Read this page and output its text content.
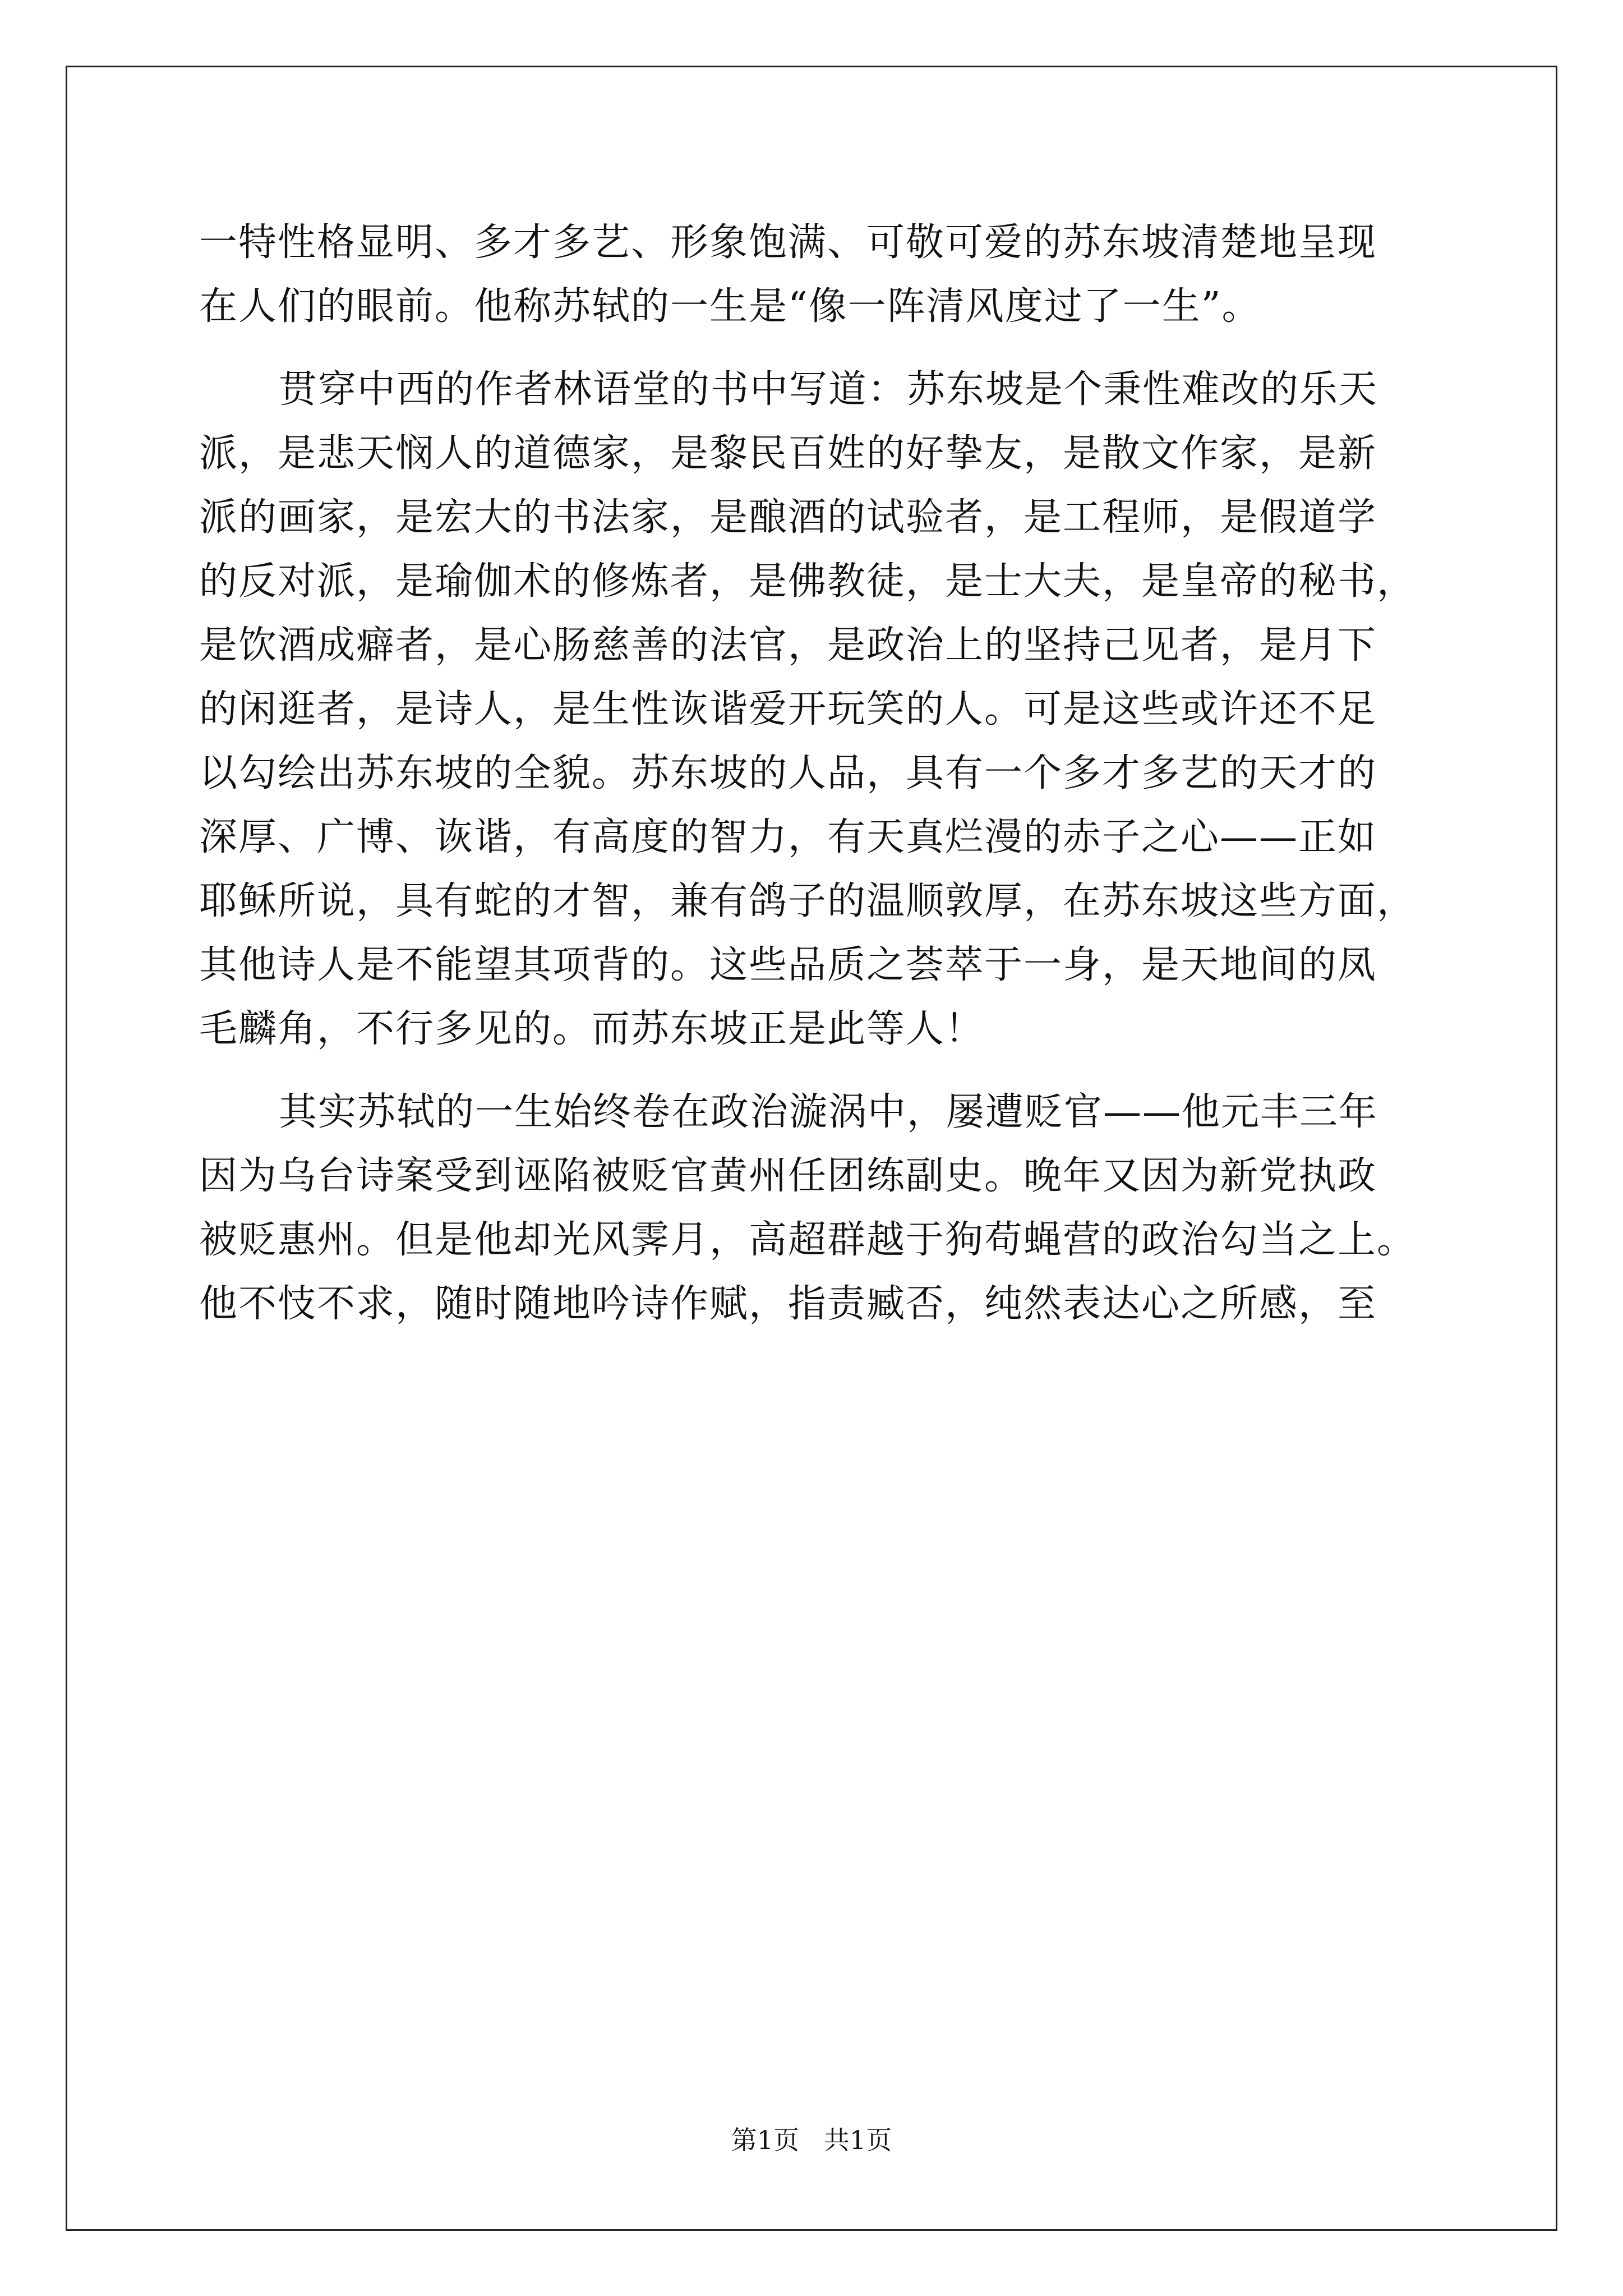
一特性格显明、多才多艺、形象饱满、可敬可爱的苏东坡清楚地呈现
在人们的眼前。他称苏轼的一生是“像一阵清风度过了一生”。
贯穿中西的作者林语堂的书中写道：苏东坡是个秉性难改的乐天
派，是悲天悯人的道德家，是黎民百姓的好挚友，是散文作家，是新
派的画家，是宏大的书法家，是酿酒的试验者，是工程师，是假道学
的反对派，是瑜伽术的修炼者，是佛教徒，是士大夫，是皇帝的秘书，
是饮酒成癖者，是心肠慈善的法官，是政治上的坚持己见者，是月下
的闲逛者，是诗人，是生性诙谐爱开玩笑的人。可是这些或许还不足
以勾绘出苏东坡的全貌。苏东坡的人品，具有一个多才多艺的天才的
深厚、广博、诙谐，有高度的智力，有天真烂漫的赤子之心——正如
耶稣所说，具有蛇的才智，兼有鸽子的温顺敦厚，在苏东坡这些方面，
其他诗人是不能望其项背的。这些品质之荟萃于一身，是天地间的凤
毛麟角，不行多见的。而苏东坡正是此等人！
其实苏轼的一生始终卷在政治漩涡中，屡遭贬官——他元丰三年
因为乌台诗案受到诬陷被贬官黄州任团练副史。晚年又因为新党执政
被贬惠州。但是他却光风霁月，高超群越于狗苟蝇营的政治勾当之上。
他不忮不求，随时随地吟诗作赋，指责臧否，纯然表达心之所感，至
第1页   共1页
